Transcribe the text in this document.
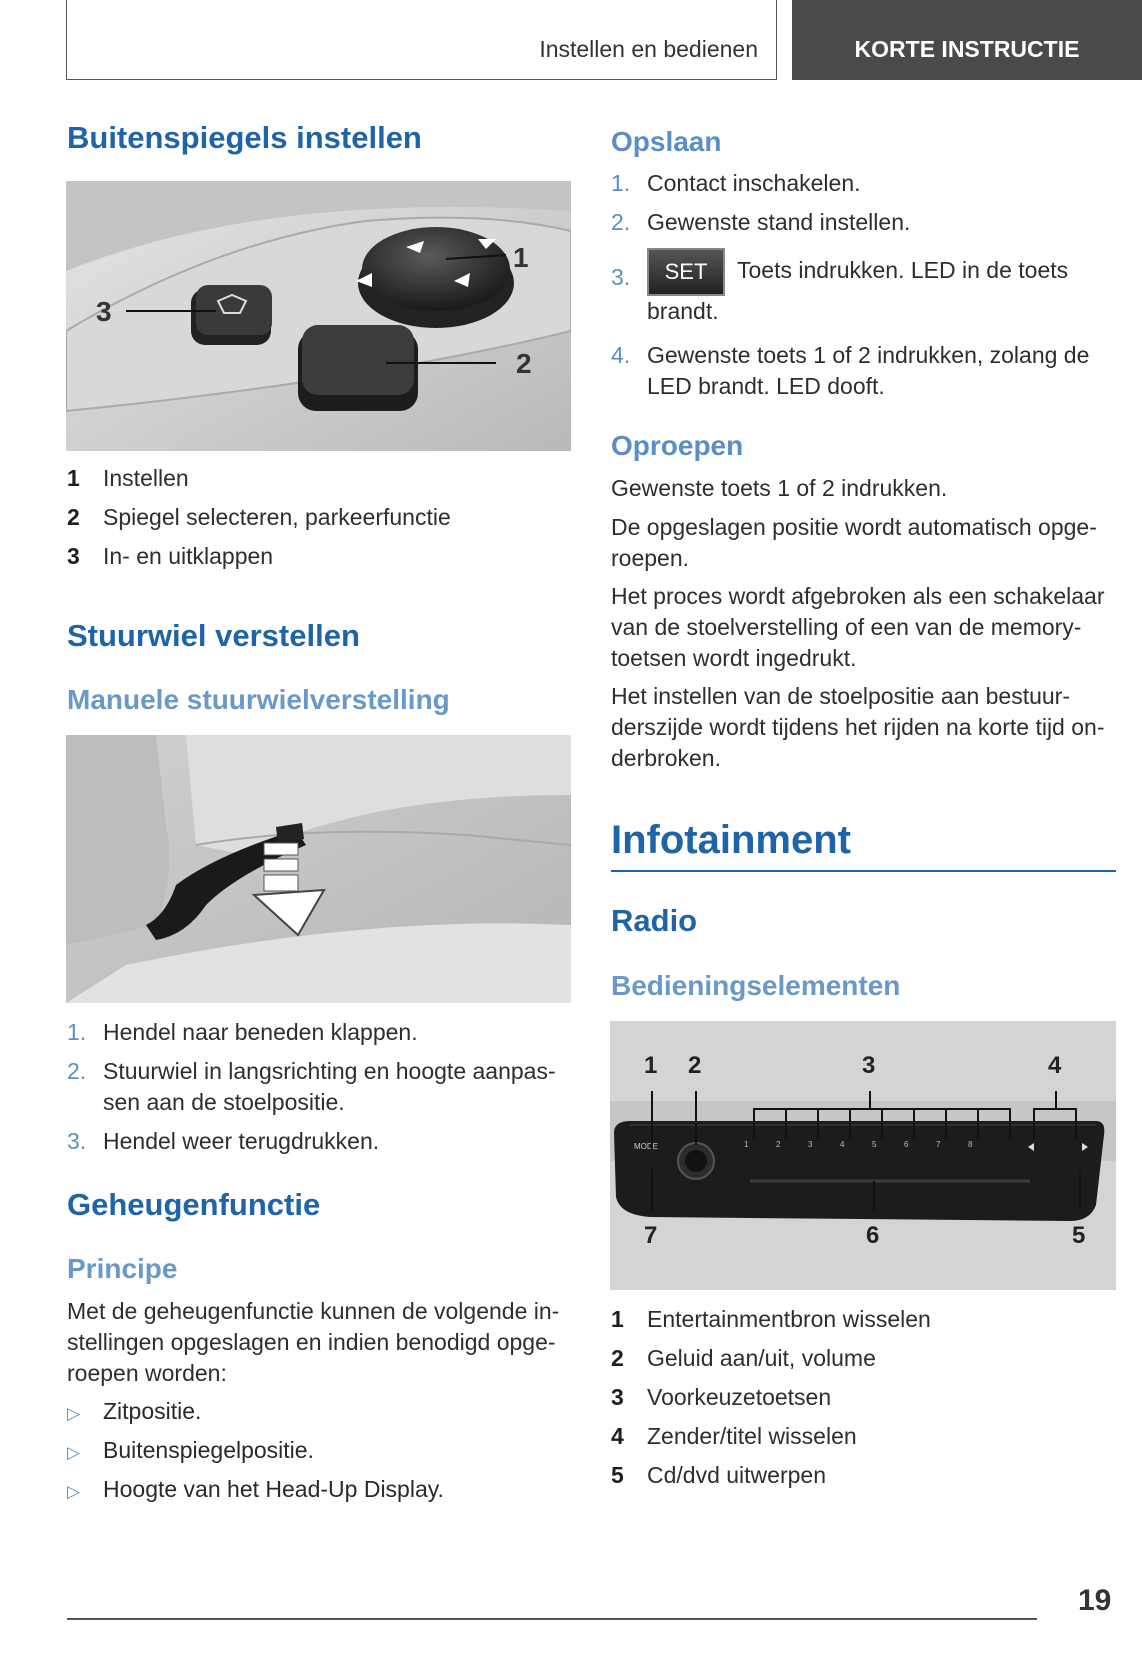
Instellen en bedienen	KORTE INSTRUCTIE
Buitenspiegels instellen
1
2
3
1	Instellen
2	Spiegel selecteren, parkeerfunctie
3	In- en uitklappen
Stuurwiel verstellen
Manuele stuurwielverstelling
1. Hendel naar beneden klappen.
2. Stuurwiel in langsrichting en hoogte aanpas-sen aan de stoelpositie.
3. Hendel weer terugdrukken.
Geheugenfunctie
Principe
Met de geheugenfunctie kunnen de volgende in-stellingen opgeslagen en indien benodigd opge-roepen worden:
▷ Zitpositie.
▷ Buitenspiegelpositie.
▷ Hoogte van het Head-Up Display.
Opslaan
1. Contact inschakelen.
2. Gewenste stand instellen.
3.	SET Toets indrukken. LED in de toets
brandt.
4. Gewenste toets 1 of 2 indrukken, zolang de LED brandt. LED dooft.
Oproepen
Gewenste toets 1 of 2 indrukken.
De opgeslagen positie wordt automatisch opge-roepen.
Het proces wordt afgebroken als een schakelaar van de stoelverstelling of een van de memory-toetsen wordt ingedrukt.
Het instellen van de stoelpositie aan bestuur-derszijde wordt tijdens het rijden na korte tijd on-derbroken.
Infotainment
Radio
Bedieningselementen
MODE	1	2	3	4	5	6	7	8
1 2	3	4
7	6	5
1	Entertainmentbron wisselen
2	Geluid aan/uit, volume
3	Voorkeuzetoetsen
4	Zender/titel wisselen
5	Cd/dvd uitwerpen
19
